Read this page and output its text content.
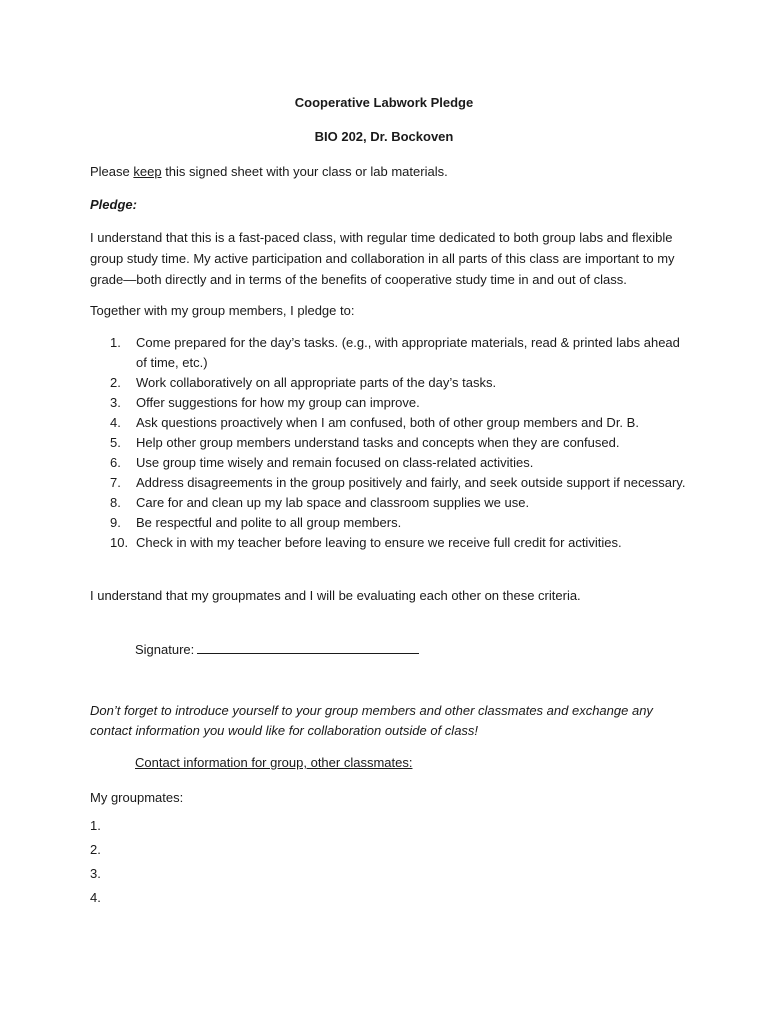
Cooperative Labwork Pledge
BIO 202, Dr. Bockoven
Please keep this signed sheet with your class or lab materials.
Pledge:
I understand that this is a fast-paced class, with regular time dedicated to both group labs and flexible
group study time. My active participation and collaboration in all parts of this class are important to my
grade—both directly and in terms of the benefits of cooperative study time in and out of class.
Together with my group members, I pledge to:
1.	Come prepared for the day’s tasks. (e.g., with appropriate materials, read & printed labs ahead
of time, etc.)
2.	Work collaboratively on all appropriate parts of the day’s tasks.
3.	Offer suggestions for how my group can improve.
4.	Ask questions proactively when I am confused, both of other group members and Dr. B.
5.	Help other group members understand tasks and concepts when they are confused.
6.	Use group time wisely and remain focused on class-related activities.
7.	Address disagreements in the group positively and fairly, and seek outside support if necessary.
8.	Care for and clean up my lab space and classroom supplies we use.
9.	Be respectful and polite to all group members.
10. Check in with my teacher before leaving to ensure we receive full credit for activities.
I understand that my groupmates and I will be evaluating each other on these criteria.
Signature:
Don’t forget to introduce yourself to your group members and other classmates and exchange any
contact information you would like for collaboration outside of class!
Contact information for group, other classmates:
My groupmates:
1.
2.
3.
4.
